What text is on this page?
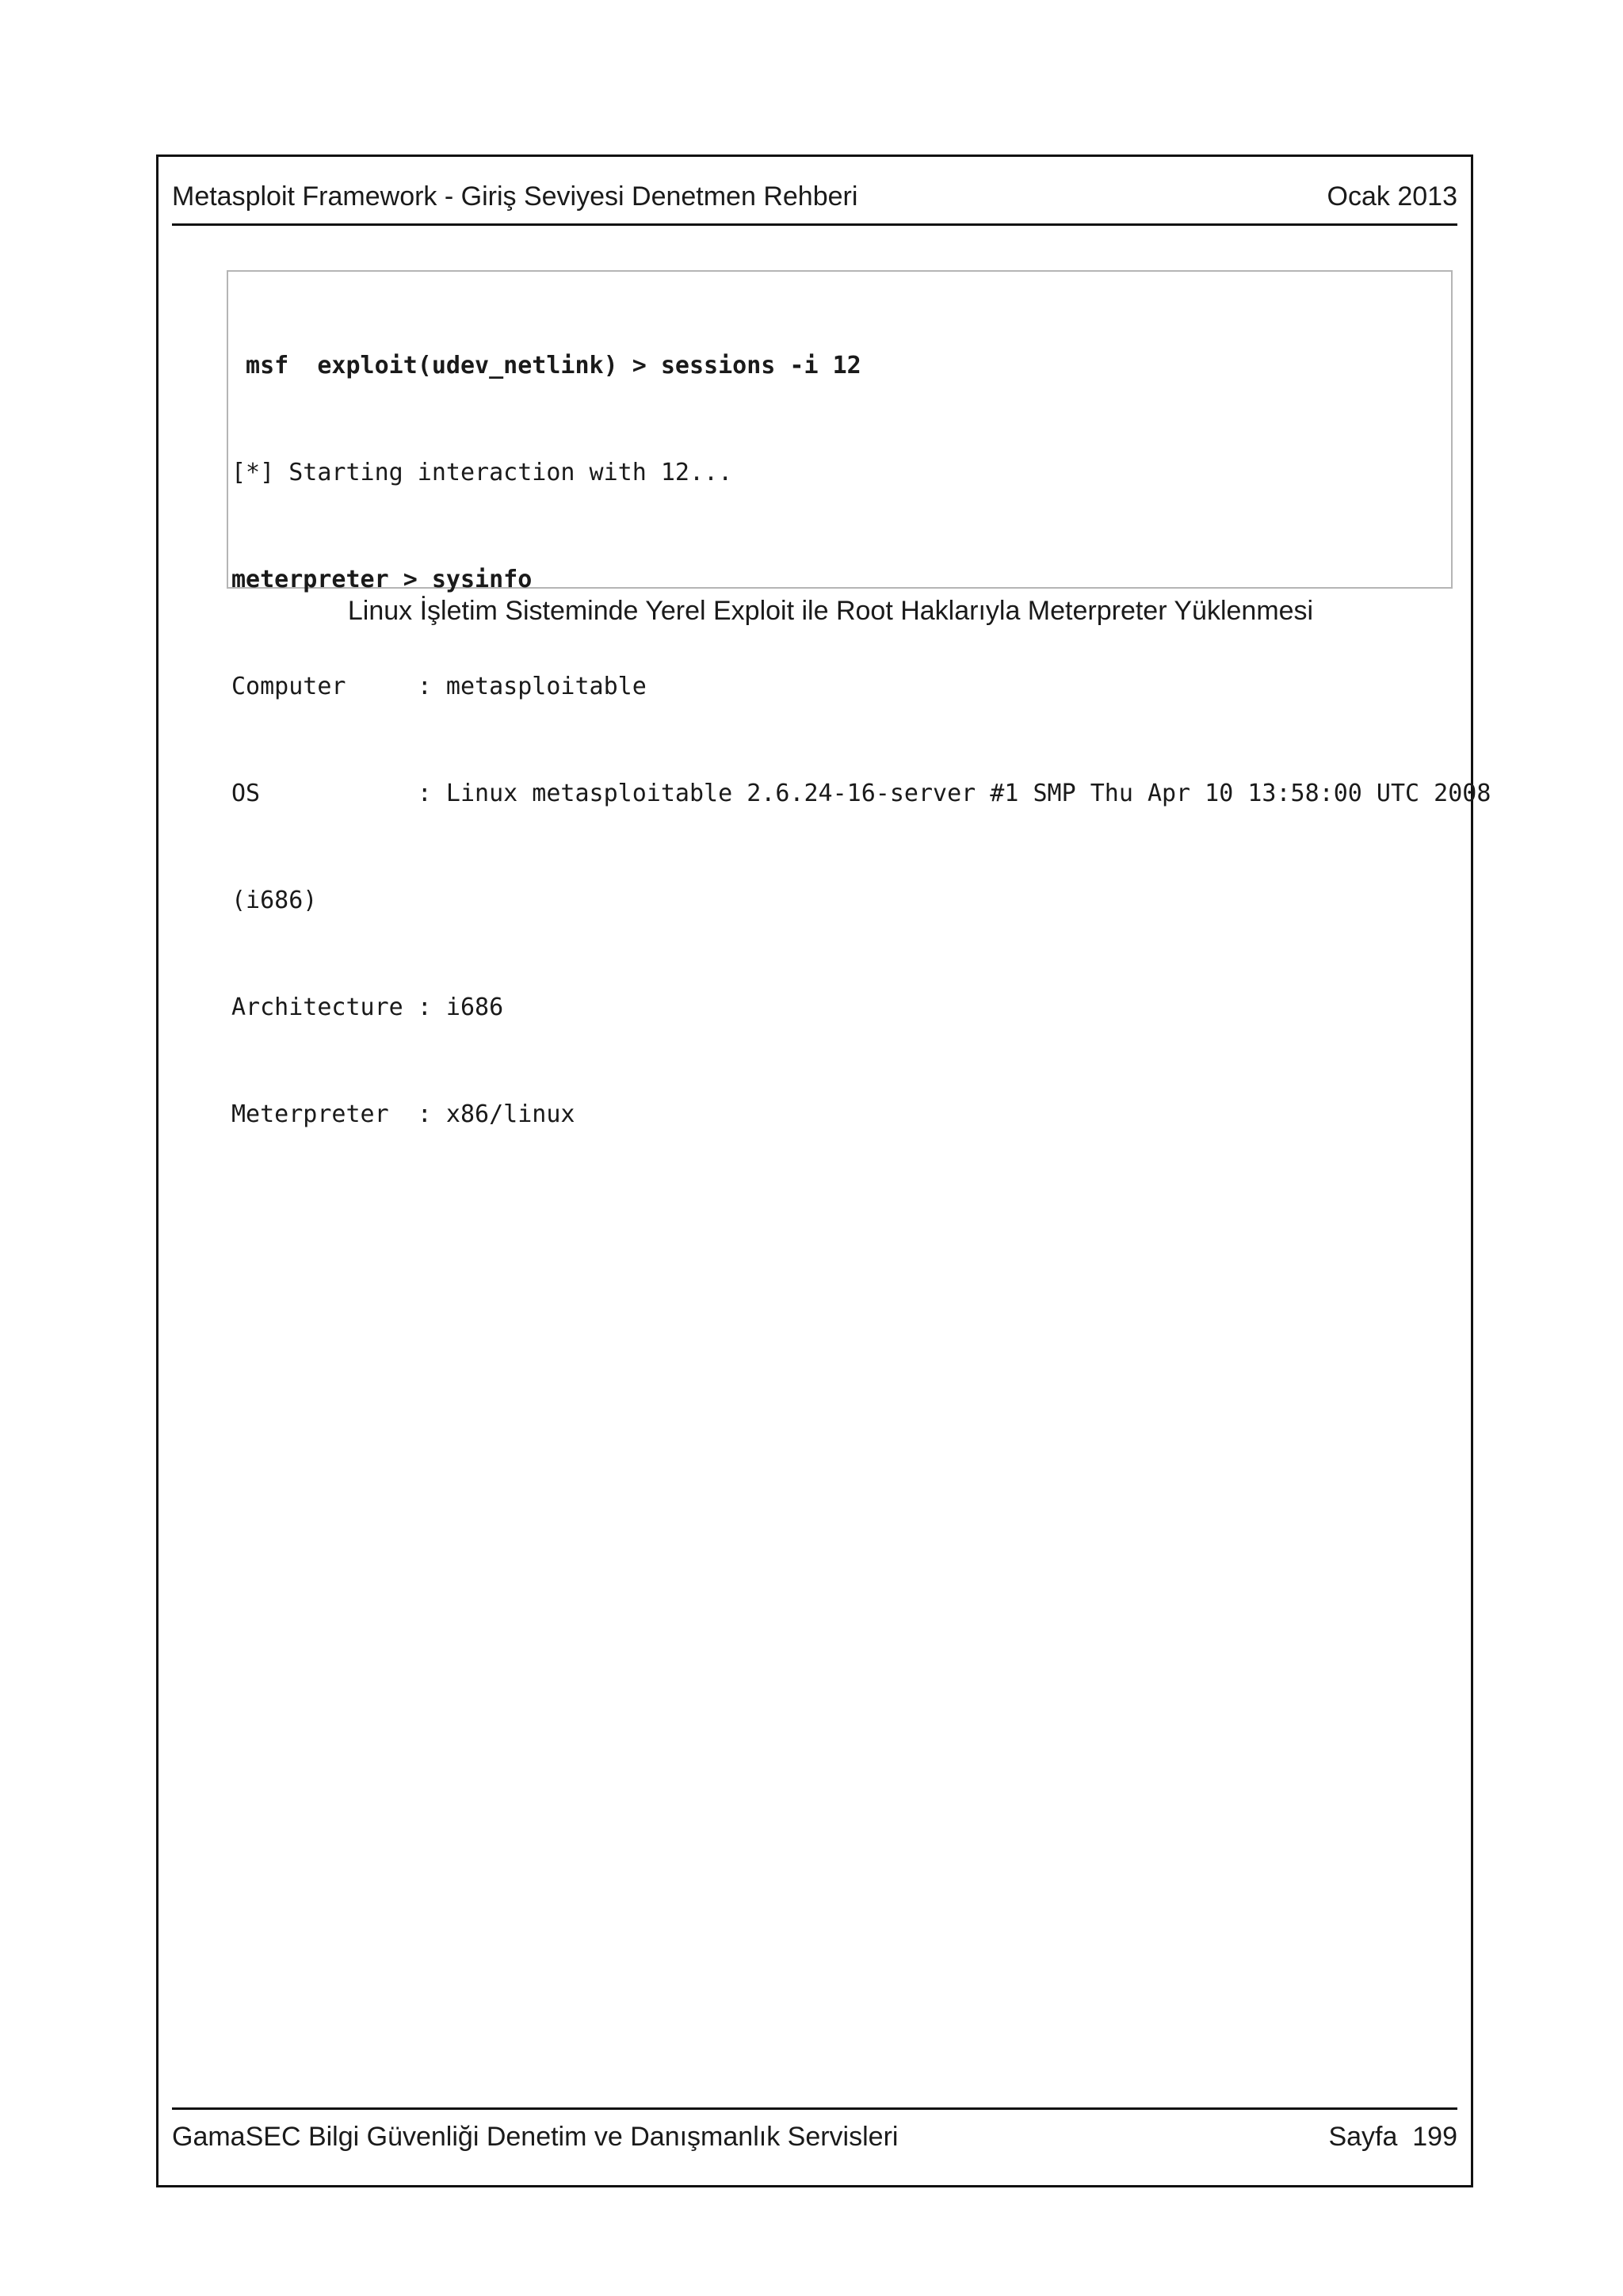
Metasploit Framework - Giriş Seviyesi Denetmen Rehberi	Ocak 2013

msf  exploit(udev_netlink) > sessions -i 12

[*] Starting interaction with 12...

meterpreter > sysinfo

Computer     : metasploitable

OS           : Linux metasploitable 2.6.24-16-server #1 SMP Thu Apr 10 13:58:00 UTC 2008

(i686)

Architecture : i686

Meterpreter  : x86/linux

Linux İşletim Sisteminde Yerel Exploit ile Root Haklarıyla Meterpreter Yüklenmesi
GamaSEC Bilgi Güvenliği Denetim ve Danışmanlık Servisleri	Sayfa  199
